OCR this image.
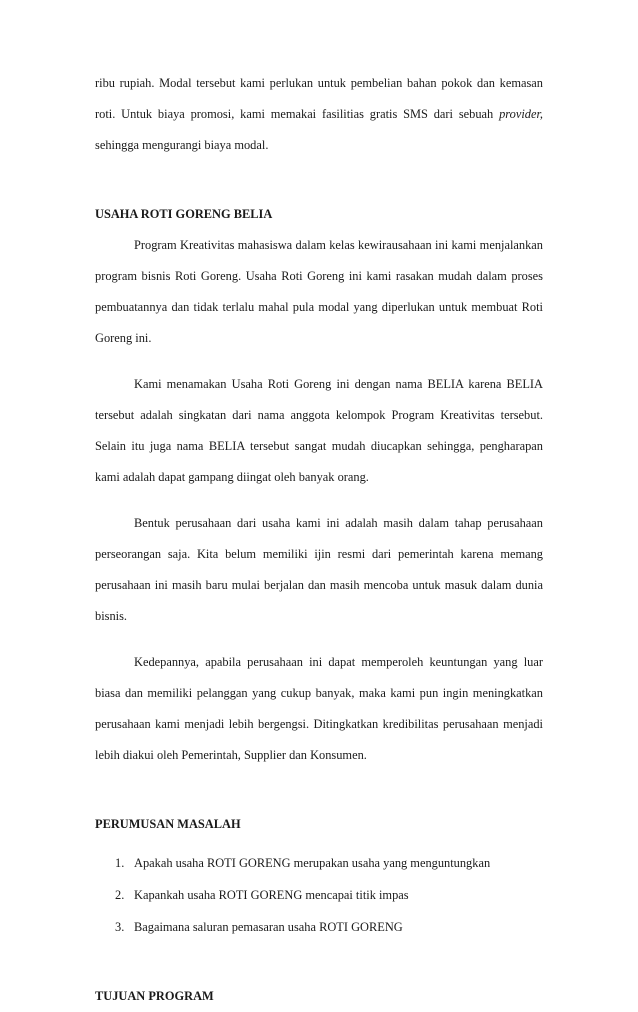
ribu rupiah. Modal tersebut kami perlukan untuk pembelian bahan pokok dan kemasan roti. Untuk biaya promosi, kami memakai fasilitias gratis SMS dari sebuah provider, sehingga mengurangi biaya modal.

USAHA ROTI GORENG BELIA

Program Kreativitas mahasiswa dalam kelas kewirausahaan ini kami menjalankan program bisnis Roti Goreng. Usaha Roti Goreng ini kami rasakan mudah dalam proses pembuatannya dan tidak terlalu mahal pula modal yang diperlukan untuk membuat Roti Goreng ini.

Kami menamakan Usaha Roti Goreng ini dengan nama BELIA karena BELIA tersebut adalah singkatan dari nama anggota kelompok Program Kreativitas tersebut. Selain itu juga nama BELIA tersebut sangat mudah diucapkan sehingga, pengharapan kami adalah dapat gampang diingat oleh banyak orang.

Bentuk perusahaan dari usaha kami ini adalah masih dalam tahap perusahaan perseorangan saja. Kita belum memiliki ijin resmi dari pemerintah karena memang perusahaan ini masih baru mulai berjalan dan masih mencoba untuk masuk dalam dunia bisnis.

Kedepannya, apabila perusahaan ini dapat memperoleh keuntungan yang luar biasa dan memiliki pelanggan yang cukup banyak, maka kami pun ingin meningkatkan perusahaan kami menjadi lebih bergengsi. Ditingkatkan kredibilitas perusahaan menjadi lebih diakui oleh Pemerintah, Supplier dan Konsumen.

PERUMUSAN MASALAH
1. Apakah usaha ROTI GORENG merupakan usaha yang menguntungkan
2. Kapankah usaha ROTI GORENG mencapai titik impas
3. Bagaimana saluran pemasaran usaha ROTI GORENG
TUJUAN PROGRAM
